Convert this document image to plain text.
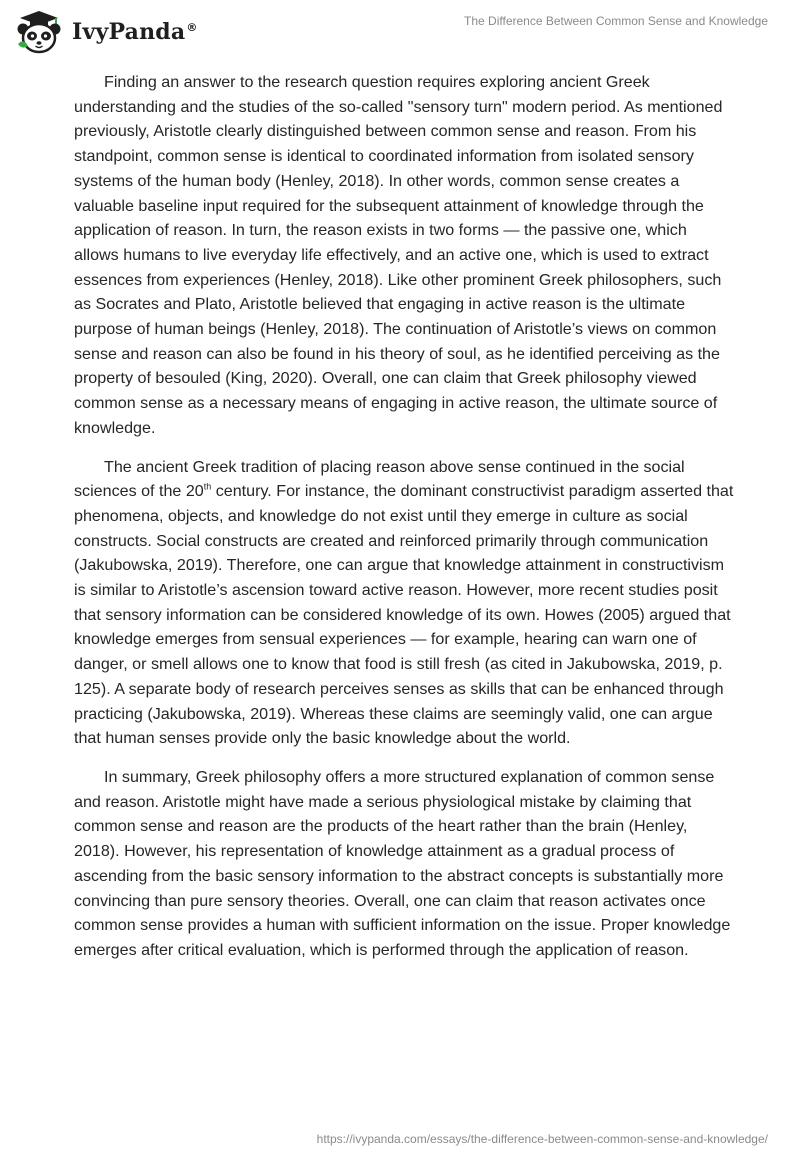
IvyPanda®	The Difference Between Common Sense and Knowledge

Finding an answer to the research question requires exploring ancient Greek understanding and the studies of the so-called "sensory turn" modern period. As mentioned previously, Aristotle clearly distinguished between common sense and reason. From his standpoint, common sense is identical to coordinated information from isolated sensory systems of the human body (Henley, 2018). In other words, common sense creates a valuable baseline input required for the subsequent attainment of knowledge through the application of reason. In turn, the reason exists in two forms — the passive one, which allows humans to live everyday life effectively, and an active one, which is used to extract essences from experiences (Henley, 2018). Like other prominent Greek philosophers, such as Socrates and Plato, Aristotle believed that engaging in active reason is the ultimate purpose of human beings (Henley, 2018). The continuation of Aristotle’s views on common sense and reason can also be found in his theory of soul, as he identified perceiving as the property of besouled (King, 2020). Overall, one can claim that Greek philosophy viewed common sense as a necessary means of engaging in active reason, the ultimate source of knowledge.

The ancient Greek tradition of placing reason above sense continued in the social sciences of the 20th century. For instance, the dominant constructivist paradigm asserted that phenomena, objects, and knowledge do not exist until they emerge in culture as social constructs. Social constructs are created and reinforced primarily through communication (Jakubowska, 2019). Therefore, one can argue that knowledge attainment in constructivism is similar to Aristotle’s ascension toward active reason. However, more recent studies posit that sensory information can be considered knowledge of its own. Howes (2005) argued that knowledge emerges from sensual experiences — for example, hearing can warn one of danger, or smell allows one to know that food is still fresh (as cited in Jakubowska, 2019, p. 125). A separate body of research perceives senses as skills that can be enhanced through practicing (Jakubowska, 2019). Whereas these claims are seemingly valid, one can argue that human senses provide only the basic knowledge about the world.

In summary, Greek philosophy offers a more structured explanation of common sense and reason. Aristotle might have made a serious physiological mistake by claiming that common sense and reason are the products of the heart rather than the brain (Henley, 2018). However, his representation of knowledge attainment as a gradual process of ascending from the basic sensory information to the abstract concepts is substantially more convincing than pure sensory theories. Overall, one can claim that reason activates once common sense provides a human with sufficient information on the issue. Proper knowledge emerges after critical evaluation, which is performed through the application of reason.

https://ivypanda.com/essays/the-difference-between-common-sense-and-knowledge/
